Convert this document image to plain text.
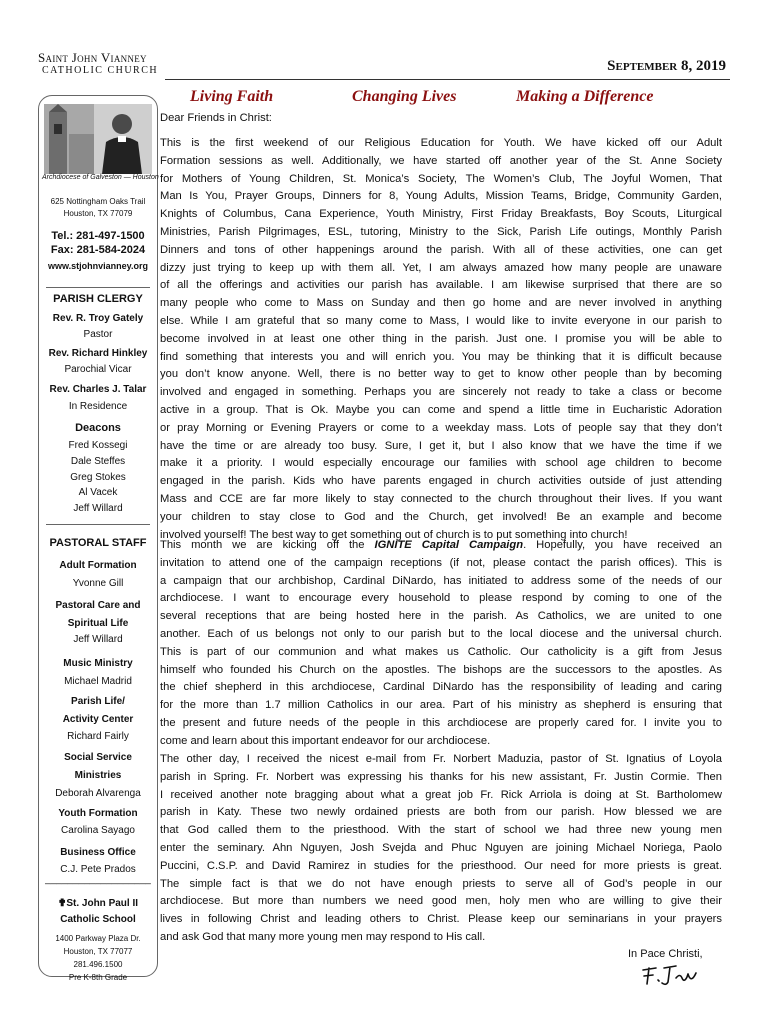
Saint John Vianney
CATHOLIC CHURCH	September 8, 2019
Living Faith	Changing Lives	Making a Difference
Archdiocese of Galveston — Houston
625 Nottingham Oaks Trail
Houston, TX 77079
Tel.: 281-497-1500
Fax: 281-584-2024
www.stjohnvianney.org
PARISH CLERGY
Rev. R. Troy Gately
Pastor
Rev. Richard Hinkley
Parochial Vicar
Rev. Charles J. Talar
In Residence
Deacons
Fred Kossegi
Dale Steffes
Greg Stokes
Al Vacek
Jeff Willard
PASTORAL STAFF
Adult Formation
Yvonne Gill
Pastoral Care and
Spiritual Life
Jeff Willard
Music Ministry
Michael Madrid
Parish Life/
Activity Center
Richard Fairly
Social Service
Ministries
Deborah Alvarenga
Youth Formation
Carolina Sayago
Business Office
C.J. Pete Prados
___________________
✟St. John Paul II
Catholic School
1400 Parkway Plaza Dr.
Houston, TX 77077
281.496.1500
Pre K-8th Grade
Dear Friends in Christ:
This is the first weekend of our Religious Education for Youth. We have kicked off our Adult
Formation sessions as well. Additionally, we have started off another year of the St. Anne Society
for Mothers of Young Children, St. Monica’s Society, The Women’s Club, The Joyful Women, That
Man Is You, Prayer Groups, Dinners for 8, Young Adults, Mission Teams, Bridge, Community Garden,
Knights of Columbus, Cana Experience, Youth Ministry, First Friday Breakfasts, Boy Scouts, Liturgical
Ministries, Parish Pilgrimages, ESL, tutoring, Ministry to the Sick, Parish Life outings, Monthly Parish
Dinners and tons of other happenings around the parish. With all of these activities, one can get
dizzy just trying to keep up with them all. Yet, I am always amazed how many people are unaware
of all the offerings and activities our parish has available. I am likewise surprised that there are so
many people who come to Mass on Sunday and then go home and are never involved in anything
else. While I am grateful that so many come to Mass, I would like to invite everyone in our parish to
become involved in at least one other thing in the parish. Just one. I promise you will be able to
find something that interests you and will enrich you. You may be thinking that it is difficult because
you don’t know anyone. Well, there is no better way to get to know other people than by becoming
involved and engaged in something. Perhaps you are sincerely not ready to take a class or become
active in a group. That is Ok. Maybe you can come and spend a little time in Eucharistic Adoration
or pray Morning or Evening Prayers or come to a weekday mass. Lots of people say that they don’t
have the time or are already too busy. Sure, I get it, but I also know that we have the time if we
make it a priority. I would especially encourage our families with school age children to become
engaged in the parish. Kids who have parents engaged in church activities outside of just attending
Mass and CCE are far more likely to stay connected to the church throughout their lives. If you want
your children to stay close to God and the Church, get involved! Be an example and become
involved yourself! The best way to get something out of church is to put something into church!
This month we are kicking off the IGNITE Capital Campaign. Hopefully, you have received an
invitation to attend one of the campaign receptions (if not, please contact the parish offices). This is
a campaign that our archbishop, Cardinal DiNardo, has initiated to address some of the needs of our
archdiocese. I want to encourage every household to please respond by coming to one of the
several receptions that are being hosted here in the parish. As Catholics, we are united to one
another. Each of us belongs not only to our parish but to the local diocese and the universal church.
This is part of our communion and what makes us Catholic. Our catholicity is a gift from Jesus
himself who founded his Church on the apostles. The bishops are the successors to the apostles. As
the chief shepherd in this archdiocese, Cardinal DiNardo has the responsibility of leading and caring
for the more than 1.7 million Catholics in our area. Part of his ministry as shepherd is ensuring that
the present and future needs of the people in this archdiocese are properly cared for. I invite you to
come and learn about this important endeavor for our archdiocese.
The other day, I received the nicest e-mail from Fr. Norbert Maduzia, pastor of St. Ignatius of Loyola
parish in Spring. Fr. Norbert was expressing his thanks for his new assistant, Fr. Justin Cormie. Then
I received another note bragging about what a great job Fr. Rick Arriola is doing at St. Bartholomew
parish in Katy. These two newly ordained priests are both from our parish. How blessed we are
that God called them to the priesthood. With the start of school we had three new young men
enter the seminary. Ahn Nguyen, Josh Svejda and Phuc Nguyen are joining Michael Noriega, Paolo
Puccini, C.S.P. and David Ramirez in studies for the priesthood. Our need for more priests is great.
The simple fact is that we do not have enough priests to serve all of God’s people in our
archdiocese. But more than numbers we need good men, holy men who are willing to give their
lives in following Christ and leading others to Christ. Please keep our seminarians in your prayers
and ask God that many more young men may respond to His call.
In Pace Christi,
